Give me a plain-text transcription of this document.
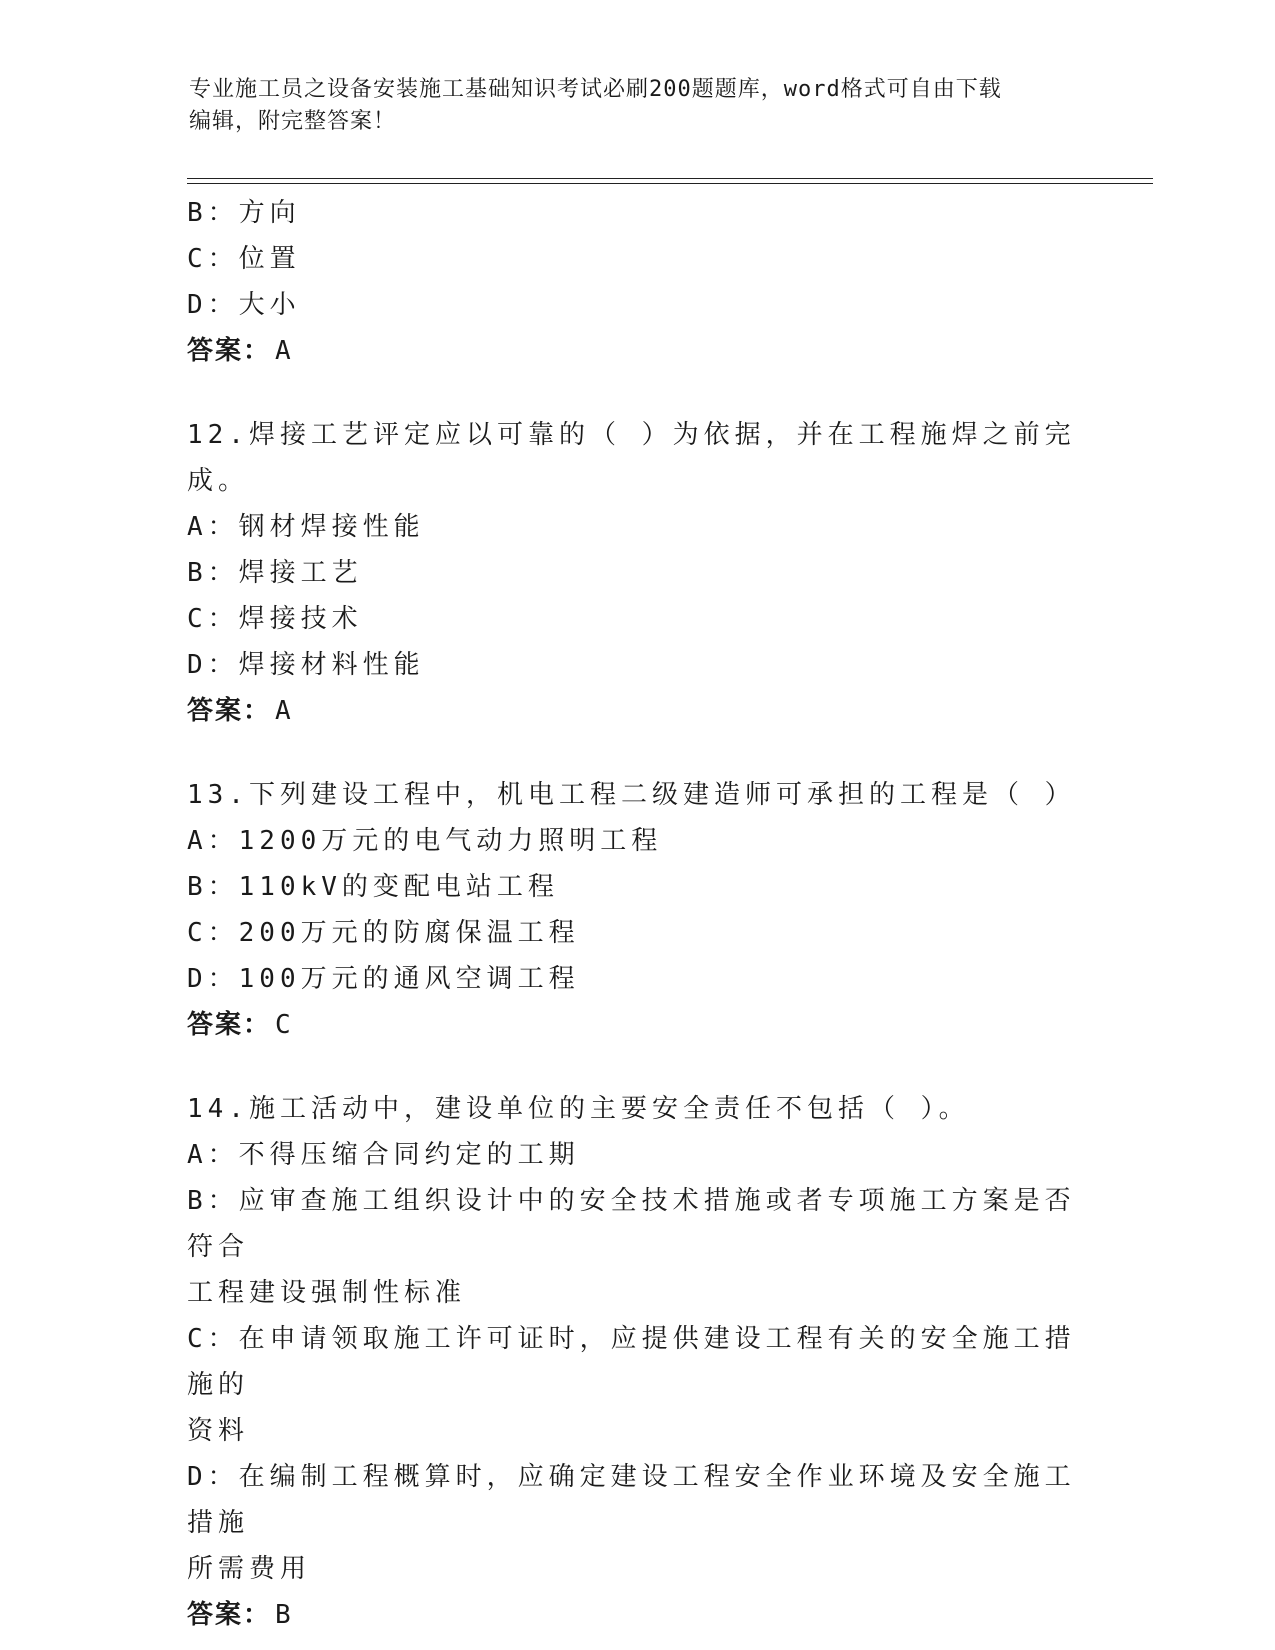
专业施工员之设备安装施工基础知识考试必刷200题题库，word格式可自由下载
编辑，附完整答案！
B：方向
C：位置
D：大小
答案： A
12.焊接工艺评定应以可靠的（ ）为依据，并在工程施焊之前完成。
A：钢材焊接性能
B：焊接工艺
C：焊接技术
D：焊接材料性能
答案： A
13.下列建设工程中，机电工程二级建造师可承担的工程是（ ）
A：1200万元的电气动力照明工程
B：110kV的变配电站工程
C：200万元的防腐保温工程
D：100万元的通风空调工程
答案： C
14.施工活动中，建设单位的主要安全责任不包括（ ）。
A：不得压缩合同约定的工期
B：应审查施工组织设计中的安全技术措施或者专项施工方案是否符合
工程建设强制性标准
C：在申请领取施工许可证时，应提供建设工程有关的安全施工措施的
资料
D：在编制工程概算时，应确定建设工程安全作业环境及安全施工措施
所需费用
答案： B
